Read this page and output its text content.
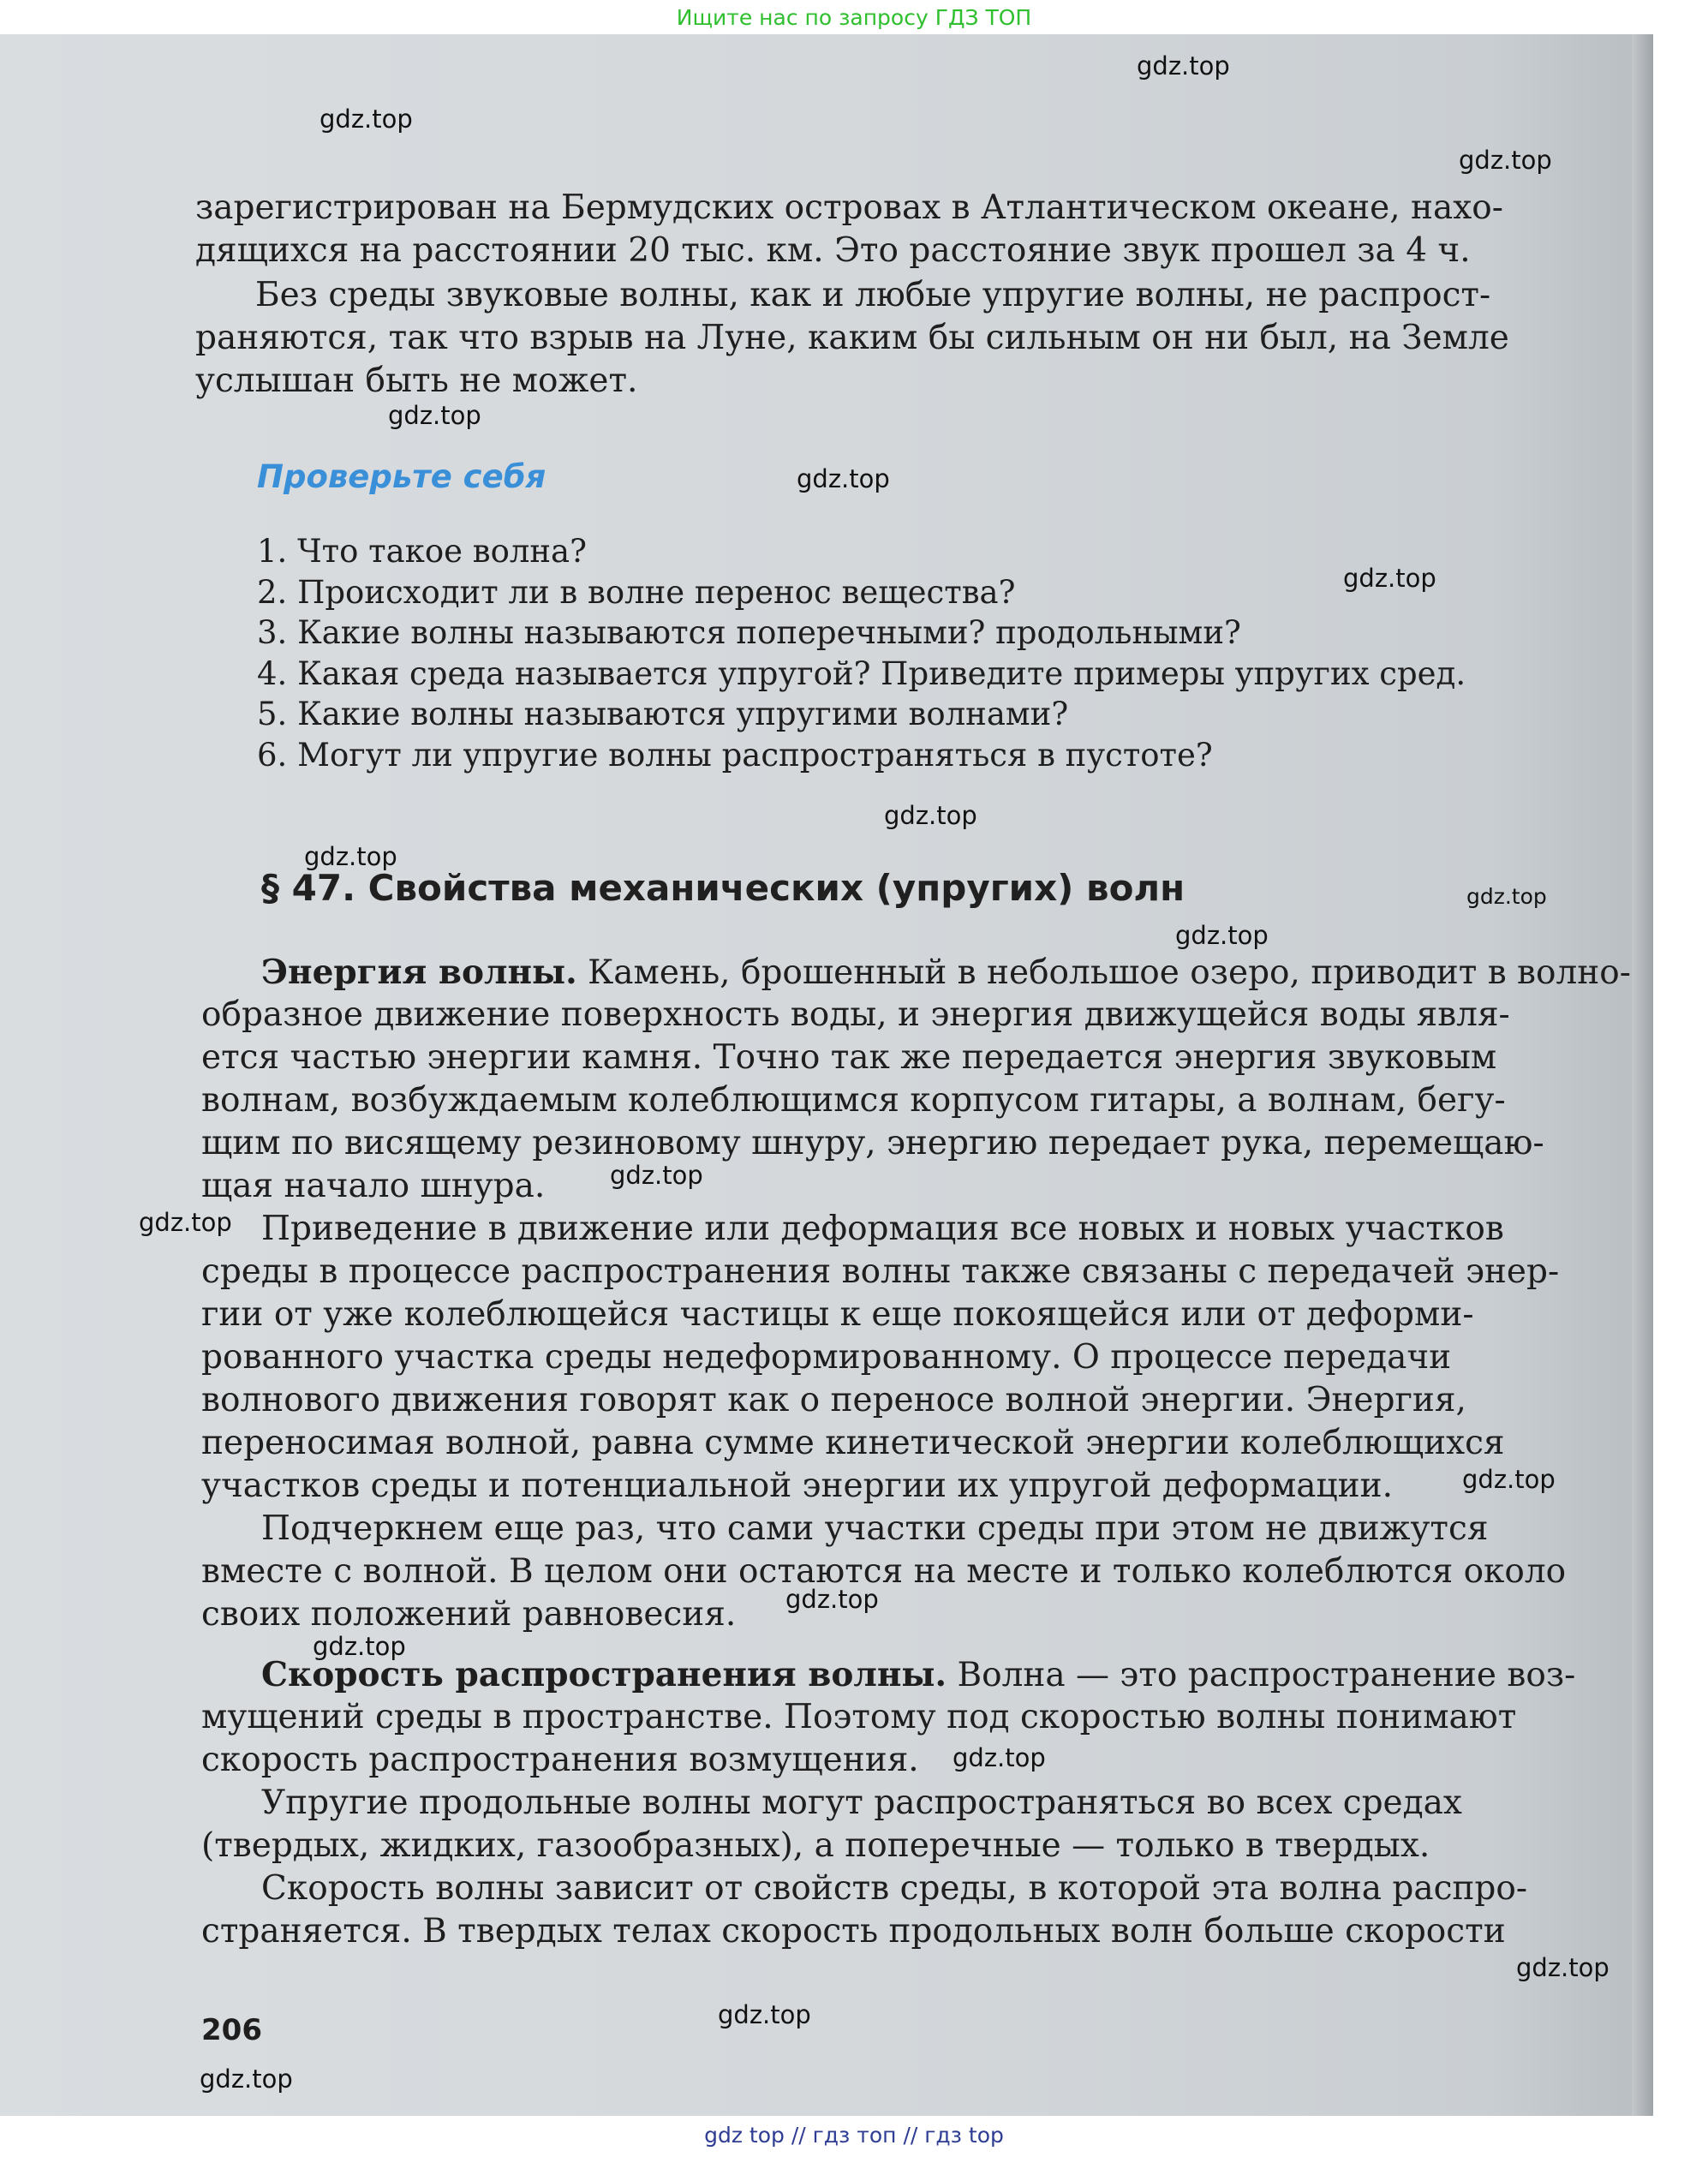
Ищите нас по запросу ГДЗ ТОП
зарегистрирован на Бермудских островах в Атлантическом океане, нахо-
дящихся на расстоянии 20 тыс. км. Это расстояние звук прошел за 4 ч.
Без среды звуковые волны, как и любые упругие волны, не распрост-
раняются, так что взрыв на Луне, каким бы сильным он ни был, на Земле
услышан быть не может.
Проверьте себя
1. Что такое волна?
2. Происходит ли в волне перенос вещества?
3. Какие волны называются поперечными? продольными?
4. Какая среда называется упругой? Приведите примеры упругих сред.
5. Какие волны называются упругими волнами?
6. Могут ли упругие волны распространяться в пустоте?
§ 47. Свойства механических (упругих) волн
Энергия волны. Камень, брошенный в небольшое озеро, приводит в волно-
образное движение поверхность воды, и энергия движущейся воды явля-
ется частью энергии камня. Точно так же передается энергия звуковым
волнам, возбуждаемым колеблющимся корпусом гитары, а волнам, бегу-
щим по висящему резиновому шнуру, энергию передает рука, перемещаю-
щая начало шнура.
Приведение в движение или деформация все новых и новых участков
среды в процессе распространения волны также связаны с передачей энер-
гии от уже колеблющейся частицы к еще покоящейся или от деформи-
рованного участка среды недеформированному. О процессе передачи
волнового движения говорят как о переносе волной энергии. Энергия,
переносимая волной, равна сумме кинетической энергии колеблющихся
участков среды и потенциальной энергии их упругой деформации.
Подчеркнем еще раз, что сами участки среды при этом не движутся
вместе с волной. В целом они остаются на месте и только колеблются около
своих положений равновесия.
Скорость распространения волны. Волна — это распространение воз-
мущений среды в пространстве. Поэтому под скоростью волны понимают
скорость распространения возмущения.
Упругие продольные волны могут распространяться во всех средах
(твердых, жидких, газообразных), а поперечные — только в твердых.
Скорость волны зависит от свойств среды, в которой эта волна распро-
страняется. В твердых телах скорость продольных волн больше скорости
206
gdz.top
gdz.top
gdz.top
gdz.top
gdz.top
gdz.top
gdz.top
gdz.top
gdz.top
gdz.top
gdz.top
gdz.top
gdz.top
gdz.top
gdz.top
gdz.top
gdz.top
gdz.top
gdz.top
gdz top // гдз топ // гдз top
